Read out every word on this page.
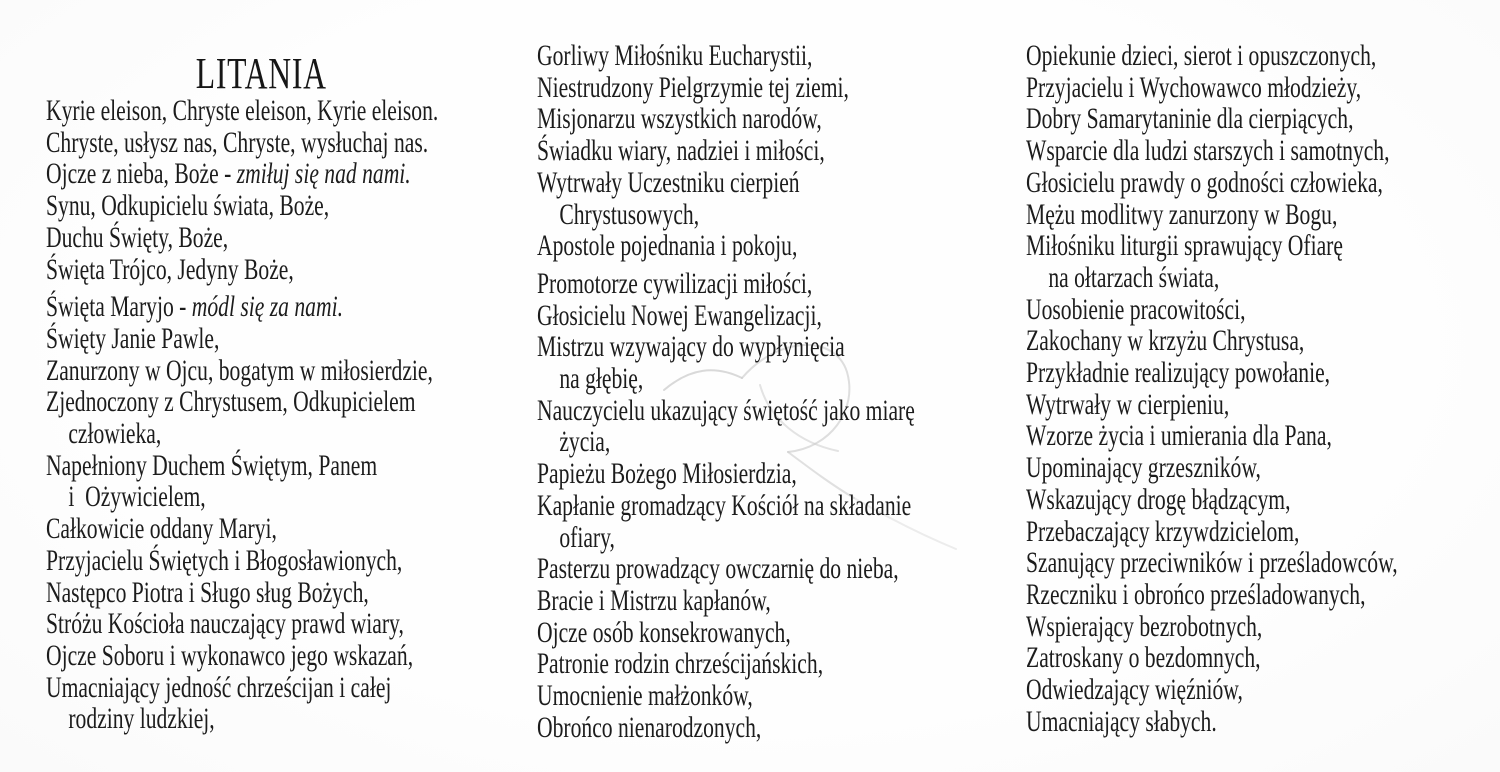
LITANIA
Kyrie eleison, Chryste eleison, Kyrie eleison.
Chryste, usłysz nas, Chryste, wysłuchaj nas.
Ojcze z nieba, Boże - zmiłuj się nad nami.
Synu, Odkupicielu świata, Boże,
Duchu Święty, Boże,
Święta Trójco, Jedyny Boże,
Święta Maryjo - módl się za nami.
Święty Janie Pawle,
Zanurzony w Ojcu, bogatym w miłosierdzie,
Zjednoczony z Chrystusem, Odkupicielem
człowieka,
Napełniony Duchem Świętym, Panem
i  Ożywicielem,
Całkowicie oddany Maryi,
Przyjacielu Świętych i Błogosławionych,
Następco Piotra i Sługo sług Bożych,
Stróżu Kościoła nauczający prawd wiary,
Ojcze Soboru i wykonawco jego wskazań,
Umacniający jedność chrześcijan i całej
rodziny ludzkiej,
Gorliwy Miłośniku Eucharystii,
Niestrudzony Pielgrzymie tej ziemi,
Misjonarzu wszystkich narodów,
Świadku wiary, nadziei i miłości,
Wytrwały Uczestniku cierpień
Chrystusowych,
Apostole pojednania i pokoju,
Promotorze cywilizacji miłości,
Głosicielu Nowej Ewangelizacji,
Mistrzu wzywający do wypłynięcia
na głębię,
Nauczycielu ukazujący świętość jako miarę
życia,
Papieżu Bożego Miłosierdzia,
Kapłanie gromadzący Kościół na składanie
ofiary,
Pasterzu prowadzący owczarnię do nieba,
Bracie i Mistrzu kapłanów,
Ojcze osób konsekrowanych,
Patronie rodzin chrześcijańskich,
Umocnienie małżonków,
Obrońco nienarodzonych,
Opiekunie dzieci, sierot i opuszczonych,
Przyjacielu i Wychowawco młodzieży,
Dobry Samarytaninie dla cierpiących,
Wsparcie dla ludzi starszych i samotnych,
Głosicielu prawdy o godności człowieka,
Mężu modlitwy zanurzony w Bogu,
Miłośniku liturgii sprawujący Ofiarę
na ołtarzach świata,
Uosobienie pracowitości,
Zakochany w krzyżu Chrystusa,
Przykładnie realizujący powołanie,
Wytrwały w cierpieniu,
Wzorze życia i umierania dla Pana,
Upominający grzeszników,
Wskazujący drogę błądzącym,
Przebaczający krzywdzicielom,
Szanujący przeciwników i prześladowców,
Rzeczniku i obrońco prześladowanych,
Wspierający bezrobotnych,
Zatroskany o bezdomnych,
Odwiedzający więźniów,
Umacniający słabych.
